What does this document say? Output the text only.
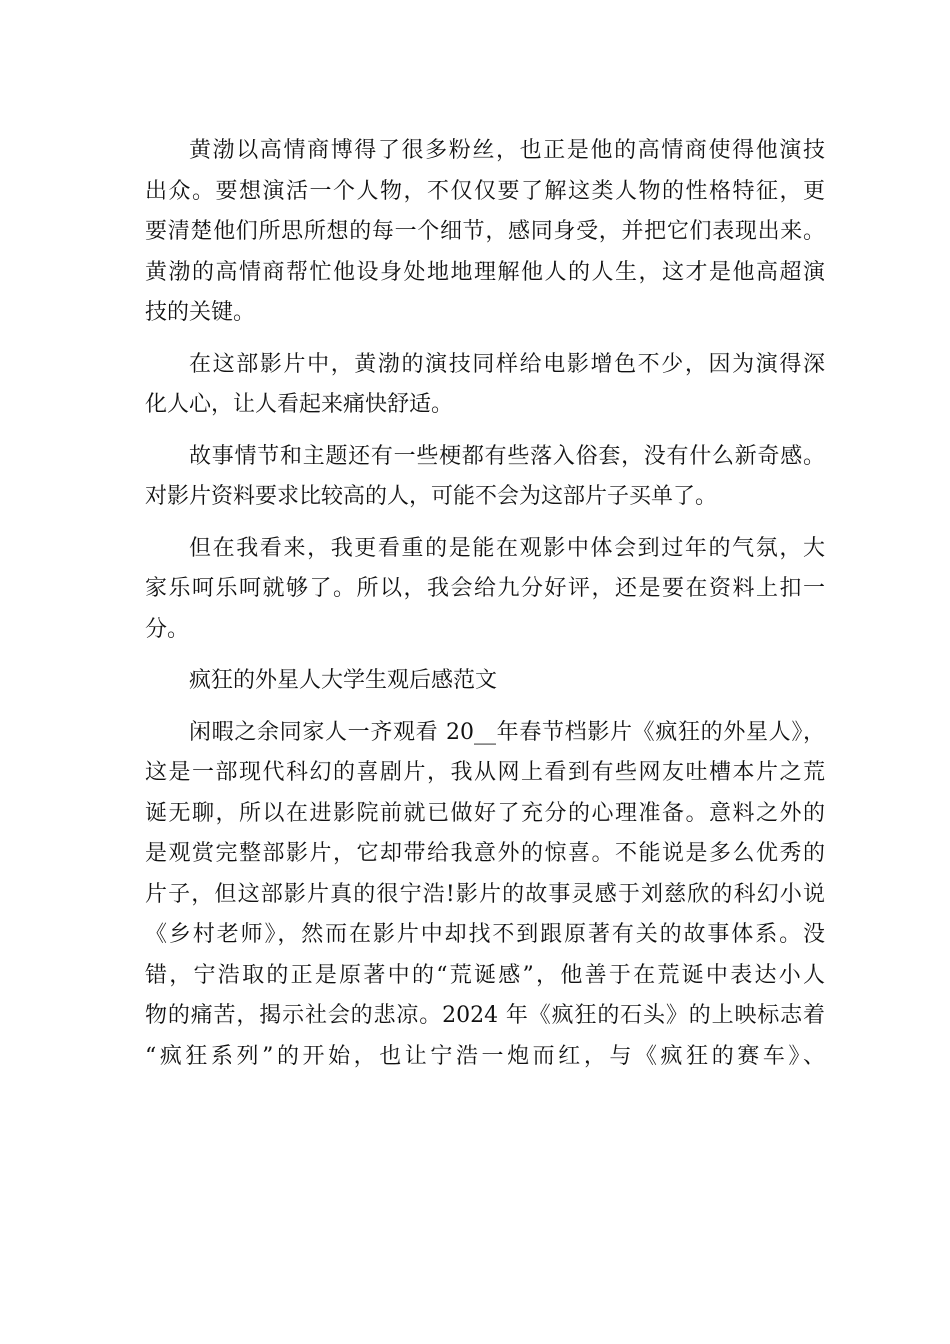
黄渤以高情商博得了很多粉丝，也正是他的高情商使得他演技
出众。要想演活一个人物，不仅仅要了解这类人物的性格特征，更
要清楚他们所思所想的每一个细节，感同身受，并把它们表现出来。
黄渤的高情商帮忙他设身处地地理解他人的人生，这才是他高超演
技的关键。
在这部影片中，黄渤的演技同样给电影增色不少，因为演得深
化人心，让人看起来痛快舒适。
故事情节和主题还有一些梗都有些落入俗套，没有什么新奇感。
对影片资料要求比较高的人，可能不会为这部片子买单了。
但在我看来，我更看重的是能在观影中体会到过年的气氛，大
家乐呵乐呵就够了。所以，我会给九分好评，还是要在资料上扣一
分。
疯狂的外星人大学生观后感范文
闲暇之余同家人一齐观看 20__年春节档影片《疯狂的外星人》，
这是一部现代科幻的喜剧片，我从网上看到有些网友吐槽本片之荒
诞无聊，所以在进影院前就已做好了充分的心理准备。意料之外的
是观赏完整部影片，它却带给我意外的惊喜。不能说是多么优秀的
片子，但这部影片真的很宁浩!影片的故事灵感于刘慈欣的科幻小说
《乡村老师》，然而在影片中却找不到跟原著有关的故事体系。没
错，宁浩取的正是原著中的“荒诞感”，他善于在荒诞中表达小人
物的痛苦，揭示社会的悲凉。2024 年《疯狂的石头》的上映标志着
“疯狂系列”的开始，也让宁浩一炮而红，与《疯狂的赛车》、
